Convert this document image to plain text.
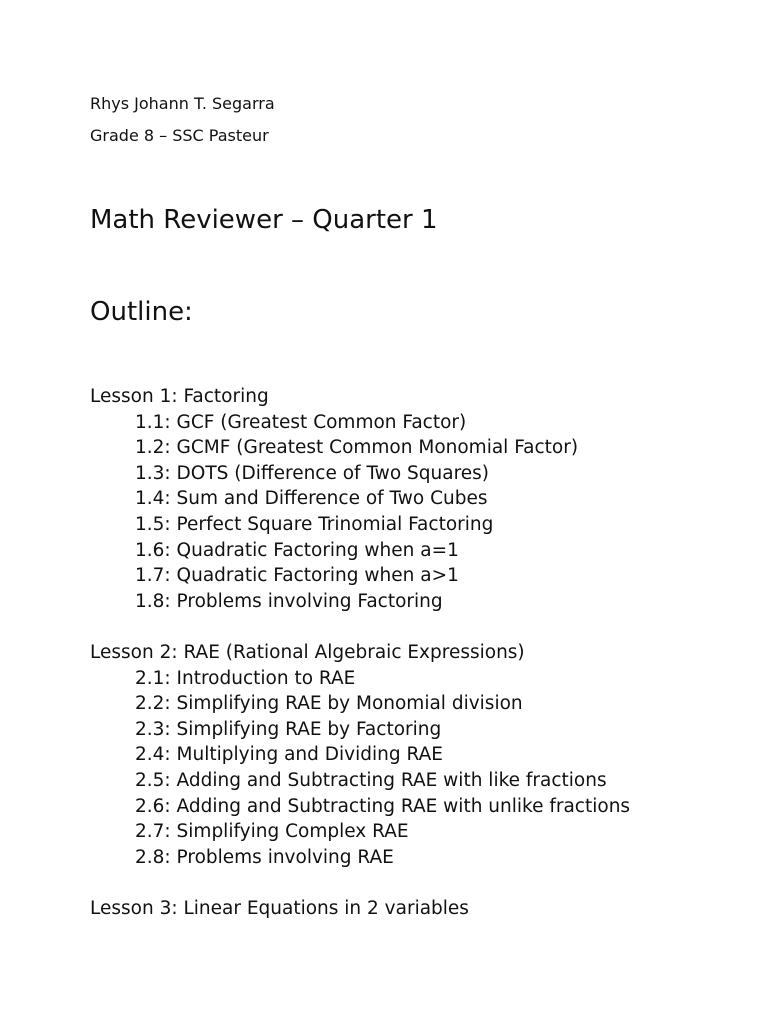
Rhys Johann T. Segarra
Grade 8 – SSC Pasteur
Math Reviewer – Quarter 1
Outline:
Lesson 1: Factoring
1.1: GCF (Greatest Common Factor)
1.2: GCMF (Greatest Common Monomial Factor)
1.3: DOTS (Difference of Two Squares)
1.4: Sum and Difference of Two Cubes
1.5: Perfect Square Trinomial Factoring
1.6: Quadratic Factoring when a=1
1.7: Quadratic Factoring when a>1
1.8: Problems involving Factoring
Lesson 2: RAE (Rational Algebraic Expressions)
2.1: Introduction to RAE
2.2: Simplifying RAE by Monomial division
2.3: Simplifying RAE by Factoring
2.4: Multiplying and Dividing RAE
2.5: Adding and Subtracting RAE with like fractions
2.6: Adding and Subtracting RAE with unlike fractions
2.7: Simplifying Complex RAE
2.8: Problems involving RAE
Lesson 3: Linear Equations in 2 variables
